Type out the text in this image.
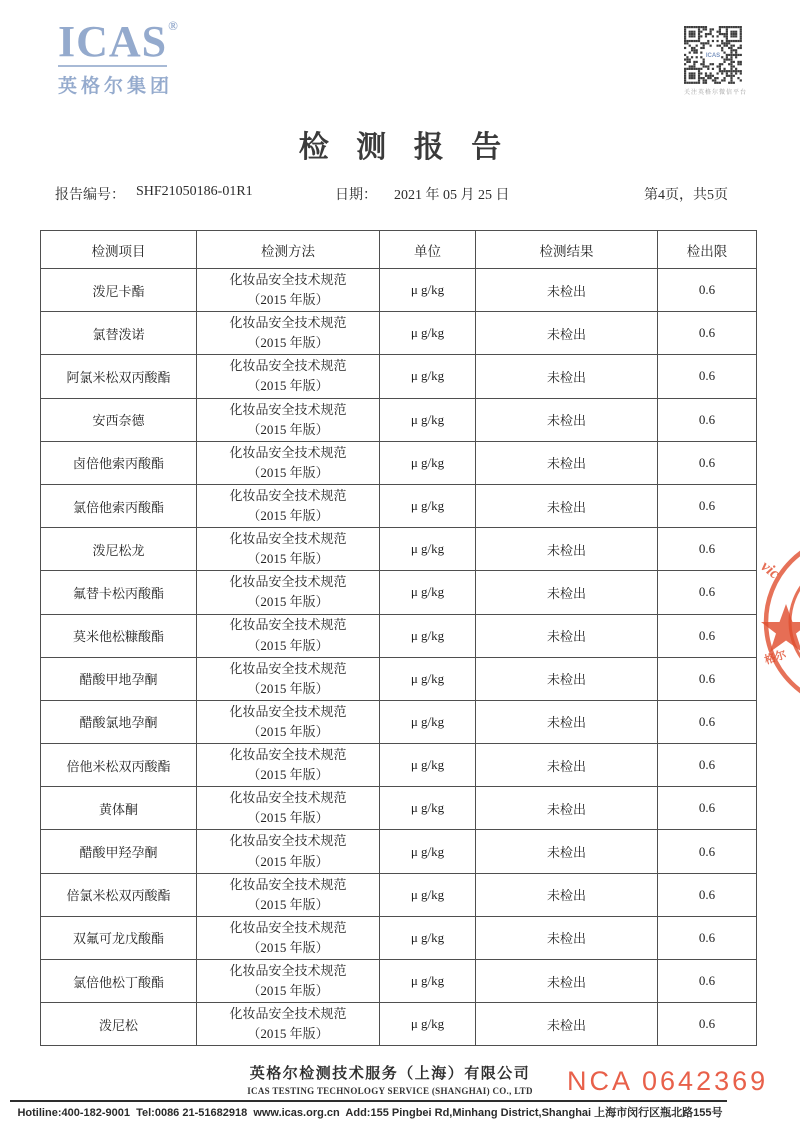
ICAS®
英格尔集团
ICAS
关注英格尔微信平台
检 测 报 告
报告编号： SHF21050186-01R1	日期： 2021 年 05 月 25 日	第4页，共5页
检测项目	检测方法	单位	检测结果	检出限
泼尼卡酯	化妆品安全技术规范
（2015 年版）	μ g/kg	未检出	0.6
氯替泼诺	化妆品安全技术规范
（2015 年版）	μ g/kg	未检出	0.6
阿氯米松双丙酸酯	化妆品安全技术规范
（2015 年版）	μ g/kg	未检出	0.6
安西奈德	化妆品安全技术规范
（2015 年版）	μ g/kg	未检出	0.6
卤倍他索丙酸酯	化妆品安全技术规范
（2015 年版）	μ g/kg	未检出	0.6
氯倍他索丙酸酯	化妆品安全技术规范
（2015 年版）	μ g/kg	未检出	0.6
泼尼松龙	化妆品安全技术规范
（2015 年版）	μ g/kg	未检出	0.6
氟替卡松丙酸酯	化妆品安全技术规范
（2015 年版）	μ g/kg	未检出	0.6
莫米他松糠酸酯	化妆品安全技术规范
（2015 年版）	μ g/kg	未检出	0.6
醋酸甲地孕酮	化妆品安全技术规范
（2015 年版）	μ g/kg	未检出	0.6
醋酸氯地孕酮	化妆品安全技术规范
（2015 年版）	μ g/kg	未检出	0.6
倍他米松双丙酸酯	化妆品安全技术规范
（2015 年版）	μ g/kg	未检出	0.6
黄体酮	化妆品安全技术规范
（2015 年版）	μ g/kg	未检出	0.6
醋酸甲羟孕酮	化妆品安全技术规范
（2015 年版）	μ g/kg	未检出	0.6
倍氯米松双丙酸酯	化妆品安全技术规范
（2015 年版）	μ g/kg	未检出	0.6
双氟可龙戊酸酯	化妆品安全技术规范
（2015 年版）	μ g/kg	未检出	0.6
氯倍他松丁酸酯	化妆品安全技术规范
（2015 年版）	μ g/kg	未检出	0.6
泼尼松	化妆品安全技术规范
（2015 年版）	μ g/kg	未检出	0.6
vic
格尔
英格尔检测技术服务（上海）有限公司
ICAS TESTING TECHNOLOGY SERVICE (SHANGHAI) CO., LTD	NCA 0642369
Hotiline:400-182-9001  Tel:0086 21-51682918  www.icas.org.cn  Add:155 Pingbei Rd,Minhang District,Shanghai 上海市闵行区瓶北路155号
